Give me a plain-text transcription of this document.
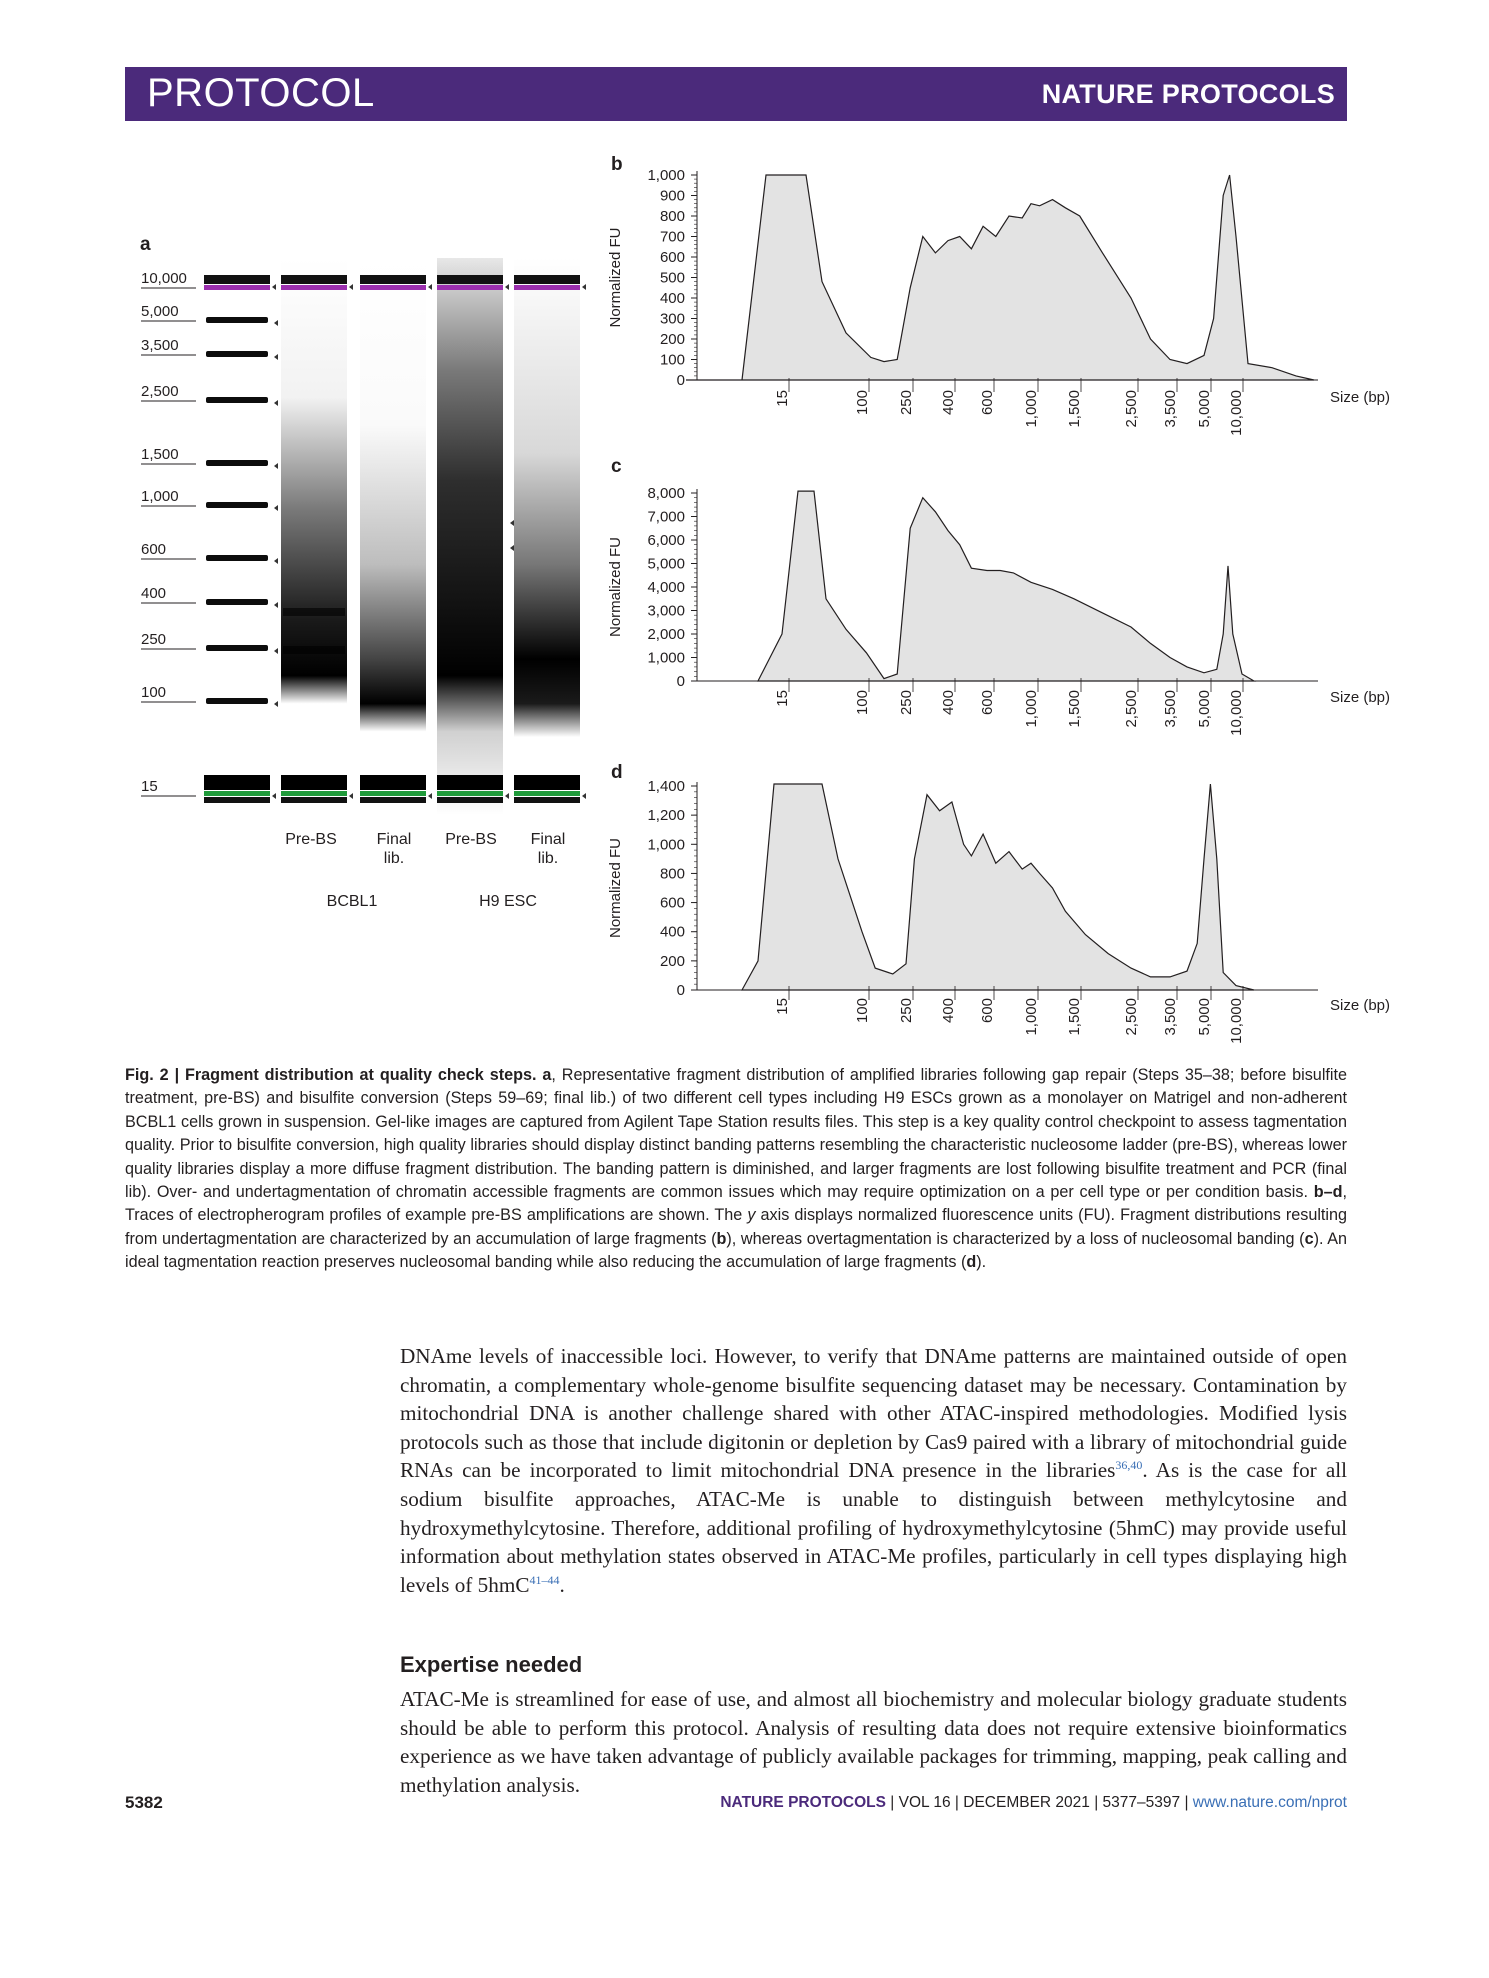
PROTOCOL	NATURE PROTOCOLS
a
10,000
5,000
3,500
2,500
1,500
1,000
600
400
250
100
15
Pre-BS Final lib.
Pre-BS Final lib.
BCBL1	H9 ESC
b
c
d
0
100
200
300
400
500
600
700
800
900
1,000
Normalized FU
15	100 250 400 600 1,000 1,500	2,500 3,500 5,000 10,000	Size (bp)
0
1,000
2,000
3,000
4,000
5,000
6,000
7,000
8,000
Normalized FU
15	100 250 400 600 1,000 1,500	2,500 3,500 5,000 10,000	Size (bp)
0
200
400
600
800
1,000
1,200
1,400
Normalized FU
15	100 250 400 600 1,000 1,500	2,500 3,500 5,000 10,000	Size (bp)
Fig. 2 | Fragment distribution at quality check steps. a, Representative fragment distribution of amplified libraries following gap repair (Steps 35–38; before bisulfite treatment, pre-BS) and bisulfite conversion (Steps 59–69; final lib.) of two different cell types including H9 ESCs grown as a monolayer on Matrigel and non-adherent BCBL1 cells grown in suspension. Gel-like images are captured from Agilent Tape Station results files. This step is a key quality control checkpoint to assess tagmentation quality. Prior to bisulfite conversion, high quality libraries should display distinct banding patterns resembling the characteristic nucleosome ladder (pre-BS), whereas lower quality libraries display a more diffuse fragment distribution. The banding pattern is diminished, and larger fragments are lost following bisulfite treatment and PCR (final lib). Over- and undertagmentation of chromatin accessible fragments are common issues which may require optimization on a per cell type or per condition basis. b–d, Traces of electropherogram profiles of example pre-BS amplifications are shown. The y axis displays normalized fluorescence units (FU). Fragment distributions resulting from undertagmentation are characterized by an accumulation of large fragments (b), whereas overtagmentation is characterized by a loss of nucleosomal banding (c). An ideal tagmentation reaction preserves nucleosomal banding while also reducing the accumulation of large fragments (d).
DNAme levels of inaccessible loci. However, to verify that DNAme patterns are maintained outside of open chromatin, a complementary whole-genome bisulfite sequencing dataset may be necessary. Contamination by mitochondrial DNA is another challenge shared with other ATAC-inspired methodologies. Modified lysis protocols such as those that include digitonin or depletion by Cas9 paired with a library of mitochondrial guide RNAs can be incorporated to limit mitochondrial DNA presence in the libraries$^{36,40}$. As is the case for all sodium bisulfite approaches, ATAC-Me is unable to distinguish between methylcytosine and hydroxymethylcytosine. Therefore, additional profiling of hydroxymethylcytosine (5hmC) may provide useful information about methylation states observed in ATAC-Me profiles, particularly in cell types displaying high levels of 5hmC$^{41-44}$.
Expertise needed
ATAC-Me is streamlined for ease of use, and almost all biochemistry and molecular biology graduate students should be able to perform this protocol. Analysis of resulting data does not require extensive bioinformatics experience as we have taken advantage of publicly available packages for trimming, mapping, peak calling and methylation analysis.
5382	NATURE PROTOCOLS | VOL 16 | DECEMBER 2021 | 5377–5397 | www.nature.com/nprot
